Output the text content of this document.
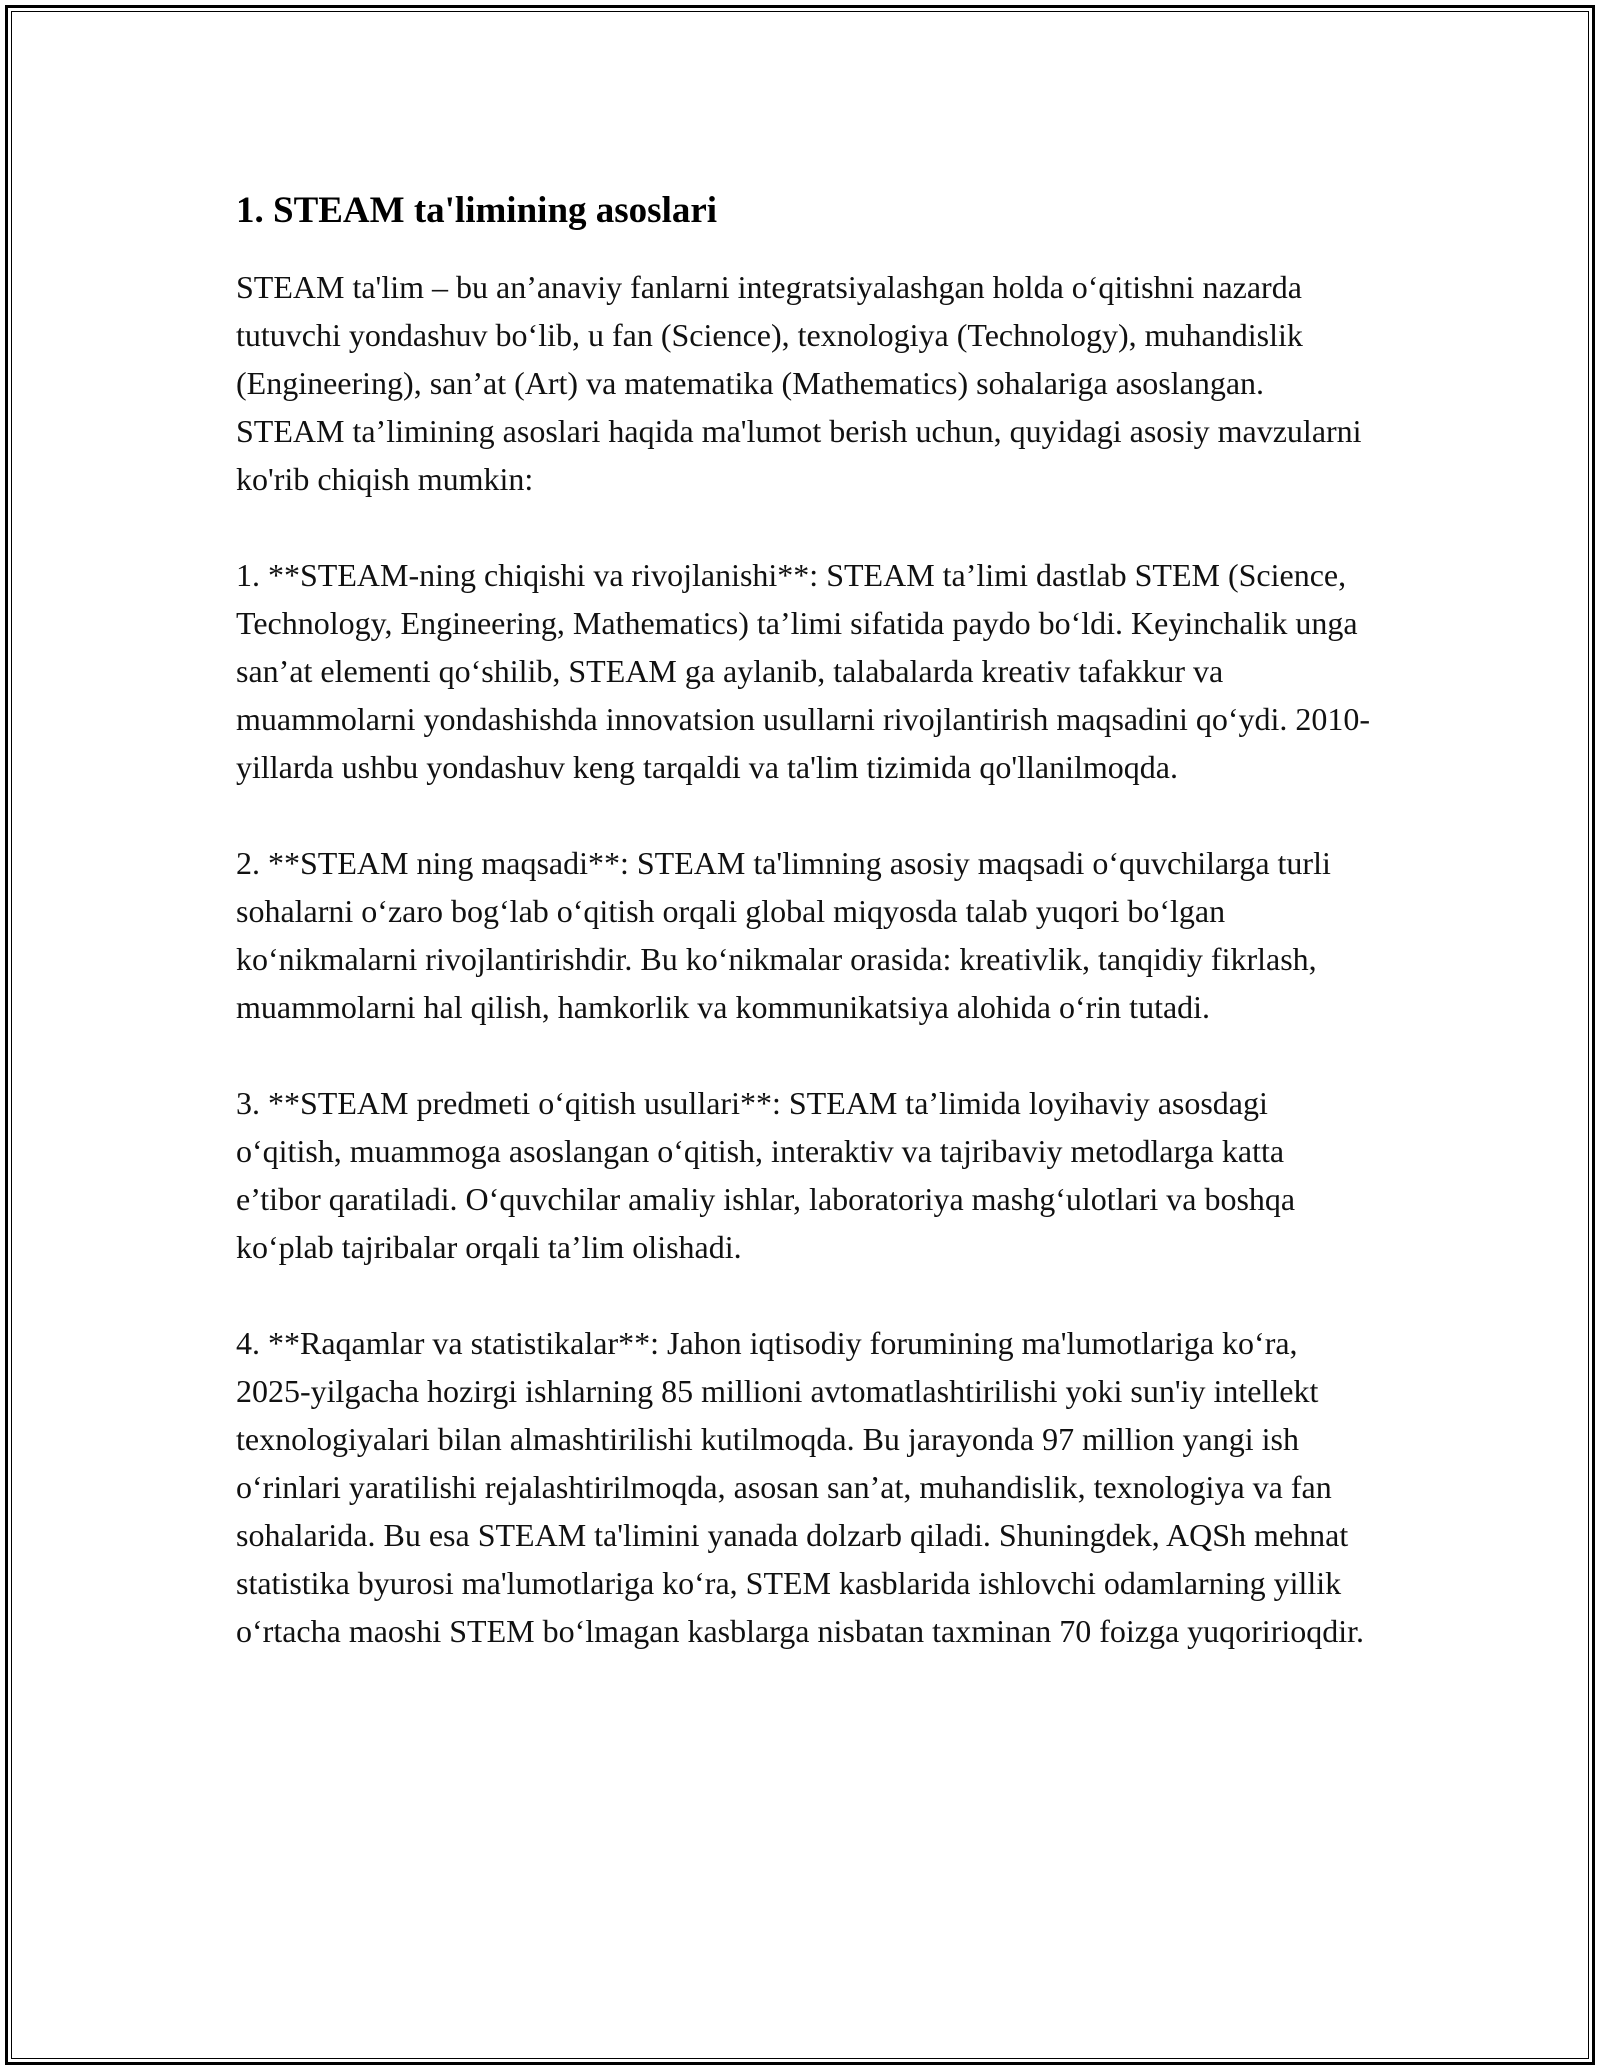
1. STEAM ta'limining asoslari

STEAM ta'lim – bu an’anaviy fanlarni integratsiyalashgan holda o‘qitishni nazarda tutuvchi yondashuv bo‘lib, u fan (Science), texnologiya (Technology), muhandislik (Engineering), san’at (Art) va matematika (Mathematics) sohalariga asoslangan. STEAM ta’limining asoslari haqida ma'lumot berish uchun, quyidagi asosiy mavzularni ko'rib chiqish mumkin:

1. **STEAM-ning chiqishi va rivojlanishi**: STEAM ta’limi dastlab STEM (Science, Technology, Engineering, Mathematics) ta’limi sifatida paydo bo‘ldi. Keyinchalik unga san’at elementi qo‘shilib, STEAM ga aylanib, talabalarda kreativ tafakkur va muammolarni yondashishda innovatsion usullarni rivojlantirish maqsadini qo‘ydi. 2010-yillarda ushbu yondashuv keng tarqaldi va ta'lim tizimida qo'llanilmoqda.

2. **STEAM ning maqsadi**: STEAM ta'limning asosiy maqsadi o‘quvchilarga turli sohalarni o‘zaro bog‘lab o‘qitish orqali global miqyosda talab yuqori bo‘lgan ko‘nikmalarni rivojlantirishdir. Bu ko‘nikmalar orasida: kreativlik, tanqidiy fikrlash, muammolarni hal qilish, hamkorlik va kommunikatsiya alohida o‘rin tutadi.

3. **STEAM predmeti o‘qitish usullari**: STEAM ta’limida loyihaviy asosdagi o‘qitish, muammoga asoslangan o‘qitish, interaktiv va tajribaviy metodlarga katta e’tibor qaratiladi. O‘quvchilar amaliy ishlar, laboratoriya mashg‘ulotlari va boshqa ko‘plab tajribalar orqali ta’lim olishadi.

4. **Raqamlar va statistikalar**: Jahon iqtisodiy forumining ma'lumotlariga ko‘ra, 2025-yilgacha hozirgi ishlarning 85 millioni avtomatlashtirilishi yoki sun'iy intellekt texnologiyalari bilan almashtirilishi kutilmoqda. Bu jarayonda 97 million yangi ish o‘rinlari yaratilishi rejalashtirilmoqda, asosan san’at, muhandislik, texnologiya va fan sohalarida. Bu esa STEAM ta'limini yanada dolzarb qiladi. Shuningdek, AQSh mehnat statistika byurosi ma'lumotlariga ko‘ra, STEM kasblarida ishlovchi odamlarning yillik o‘rtacha maoshi STEM bo‘lmagan kasblarga nisbatan taxminan 70 foizga yuqoririoqdir.
